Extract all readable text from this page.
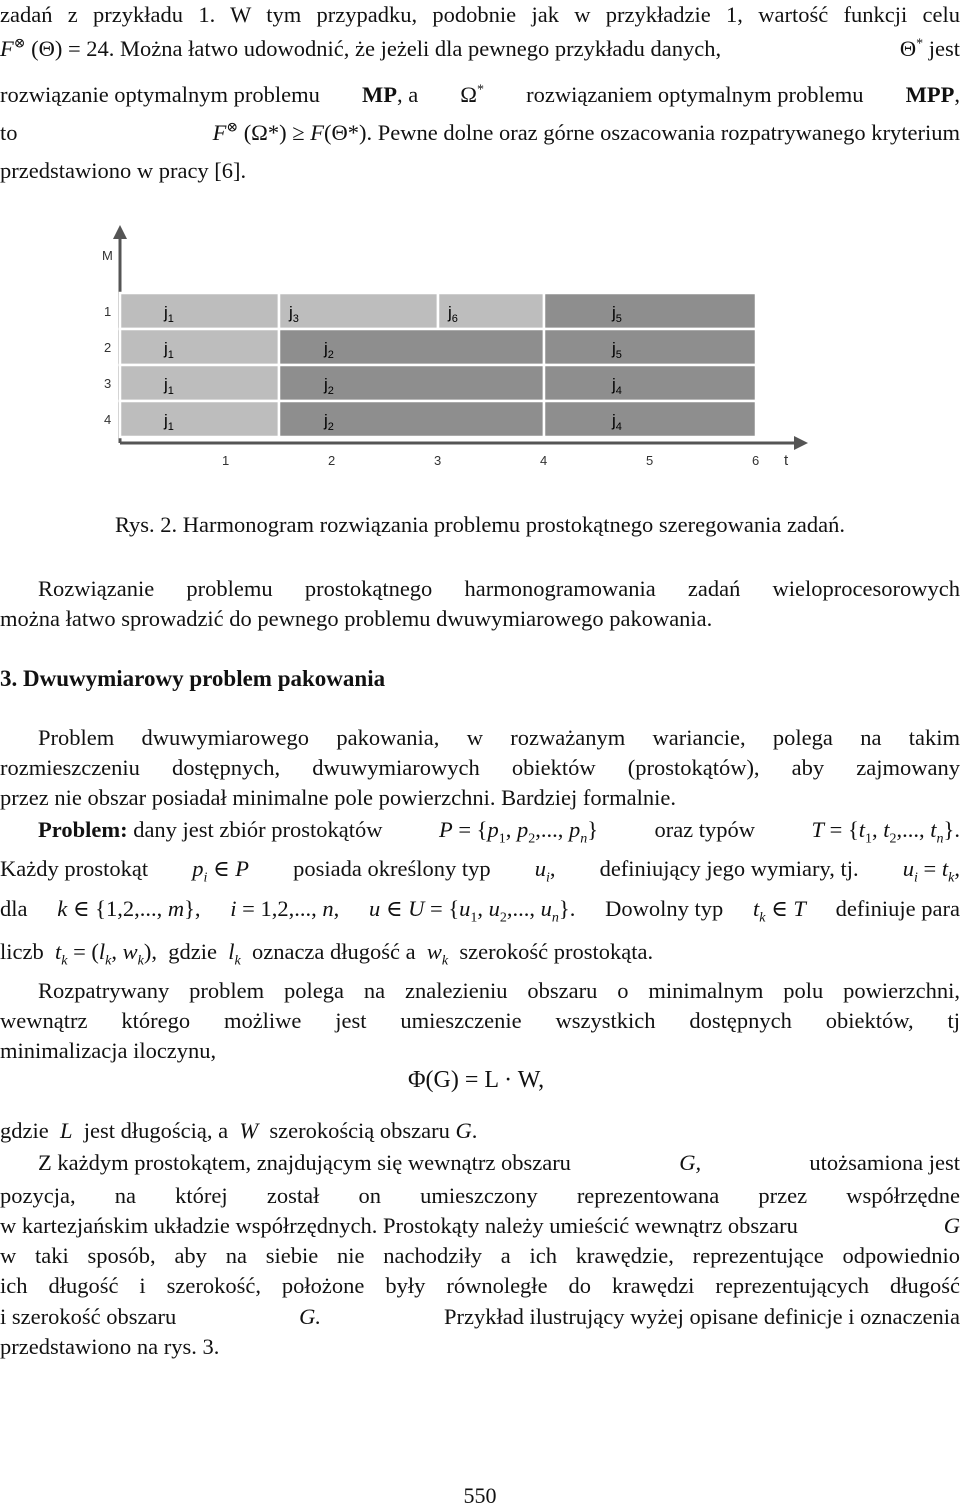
zadań z przykładu 1. W tym przypadku, podobnie jak w przykładzie 1, wartość funkcji celu
F⊗ (Θ) = 24. Można łatwo udowodnić, że jeżeli dla pewnego przykładu danych,	Θ* jest
rozwiązanie optymalnym problemu MP, a Ω* rozwiązaniem optymalnym problemu MPP,
to	F⊗ (Ω*) ≥ F(Θ*). Pewne dolne oraz górne oszacowania rozpatrywanego kryterium
przedstawiono w pracy [6].
M
t
1
2
3
4
1	2	3	4	5	6
$j_1$	$j_3$	$j_6$	$j_5$
$j_1$	$j_2$	$j_5$
$j_1$	$j_2$	$j_4$
$j_1$	$j_2$	$j_4$
Rys. 2. Harmonogram rozwiązania problemu prostokątnego szeregowania zadań.
Rozwiązanie problemu prostokątnego harmonogramowania zadań wieloprocesorowych
można łatwo sprowadzić do pewnego problemu dwuwymiarowego pakowania.
3. Dwuwymiarowy problem pakowania
Problem dwuwymiarowego pakowania, w rozważanym wariancie, polega na takim
rozmieszczeniu dostępnych, dwuwymiarowych obiektów (prostokątów), aby zajmowany
przez nie obszar posiadał minimalne pole powierzchni. Bardziej formalnie.
Problem: dany jest zbiór prostokątów	$P = \{p_1$, $p_2$,..., $p_n$}	oraz typów	$T = \{t_1$, $t_2$,..., $t_n$}.
Każdy prostokąt $p_i$ ∈ P posiada określony typ $u_i$, definiujący jego wymiary, tj. $u_i = t_k$,
dla k ∈ {1,2,..., m}, i = 1,2,..., n, u ∈ $U = \{u_1$, $u_2$,..., $u_n$}. Dowolny typ $t_k$ ∈ T definiuje para
liczb $t_k = (l_k$, $w_k$),  gdzie $l_k$ oznacza długość a $w_k$ szerokość prostokąta.
Rozpatrywany problem polega na znalezieniu obszaru o minimalnym polu powierzchni,
wewnątrz którego możliwe jest umieszczenie wszystkich dostępnych obiektów, tj
minimalizacja iloczynu,
Φ(G) = L · W,
gdzie L jest długością, a W szerokością obszaru G.
Z każdym prostokątem, znajdującym się wewnątrz obszaru	G,	utożsamiona jest
pozycja, na której został on umieszczony reprezentowana przez współrzędne
w kartezjańskim układzie współrzędnych. Prostokąty należy umieścić wewnątrz obszaru	G
w taki sposób, aby na siebie nie nachodziły a ich krawędzie, reprezentujące odpowiednio
ich długość i szerokość, położone były równoległe do krawędzi reprezentujących długość
i szerokość obszaru	G.	Przykład ilustrujący wyżej opisane definicje i oznaczenia
przedstawiono na rys. 3.
550
